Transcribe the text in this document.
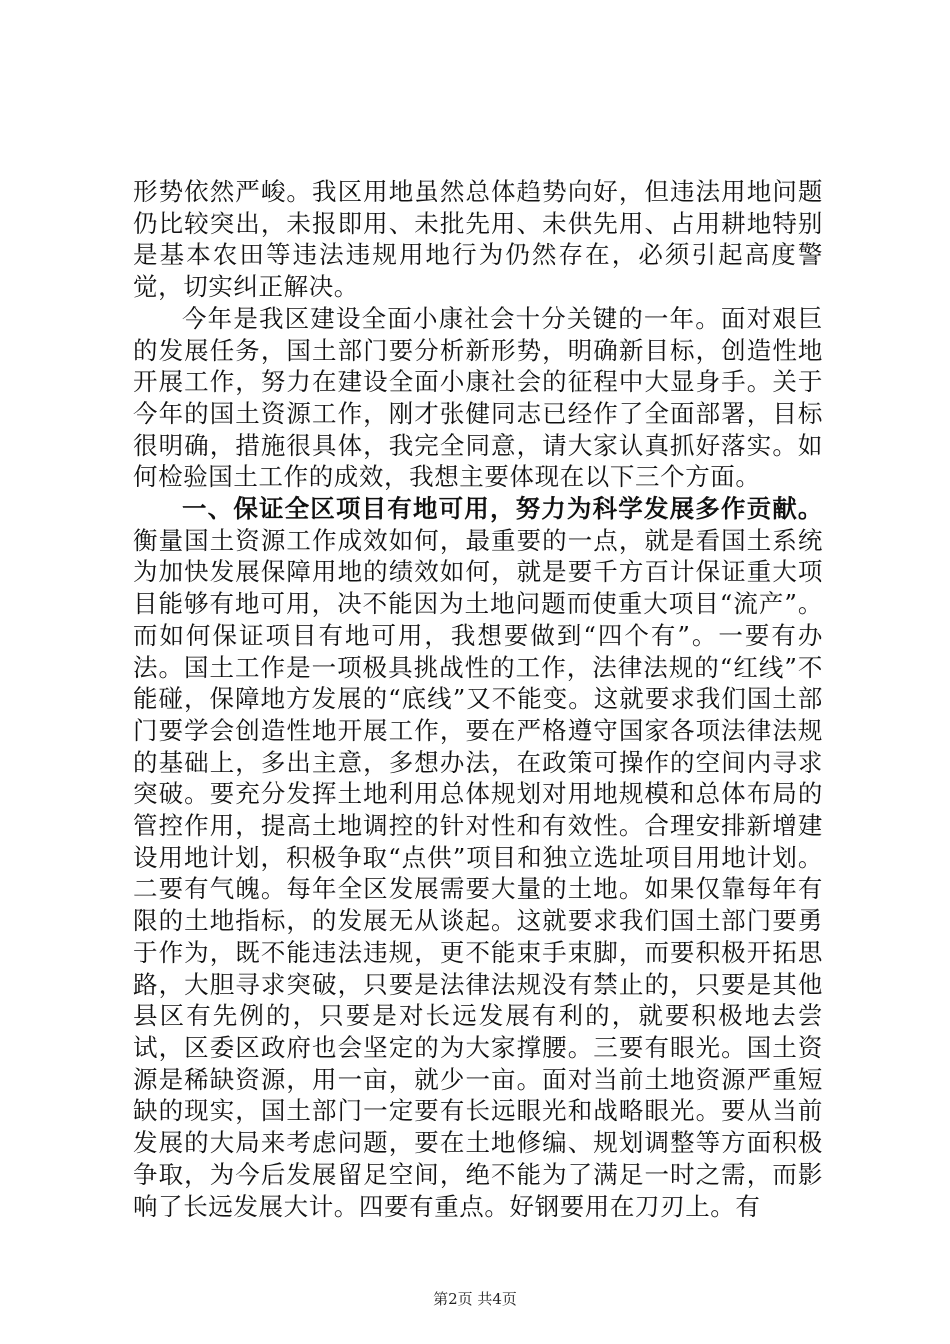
形势依然严峻。我区用地虽然总体趋势向好，但违法用地问题仍比较突出，未报即用、未批先用、未供先用、占用耕地特别是基本农田等违法违规用地行为仍然存在，必须引起高度警觉，切实纠正解决。

今年是我区建设全面小康社会十分关键的一年。面对艰巨的发展任务，国土部门要分析新形势，明确新目标，创造性地开展工作，努力在建设全面小康社会的征程中大显身手。关于今年的国土资源工作，刚才张健同志已经作了全面部署，目标很明确，措施很具体，我完全同意，请大家认真抓好落实。如何检验国土工作的成效，我想主要体现在以下三个方面。

一、保证全区项目有地可用，努力为科学发展多作贡献。衡量国土资源工作成效如何，最重要的一点，就是看国土系统为加快发展保障用地的绩效如何，就是要千方百计保证重大项目能够有地可用，决不能因为土地问题而使重大项目“流产”。而如何保证项目有地可用，我想要做到“四个有”。一要有办法。国土工作是一项极具挑战性的工作，法律法规的“红线”不能碰，保障地方发展的“底线”又不能变。这就要求我们国土部门要学会创造性地开展工作，要在严格遵守国家各项法律法规的基础上，多出主意，多想办法，在政策可操作的空间内寻求突破。要充分发挥土地利用总体规划对用地规模和总体布局的管控作用，提高土地调控的针对性和有效性。合理安排新增建设用地计划，积极争取“点供”项目和独立选址项目用地计划。二要有气魄。每年全区发展需要大量的土地。如果仅靠每年有限的土地指标，的发展无从谈起。这就要求我们国土部门要勇于作为，既不能违法违规，更不能束手束脚，而要积极开拓思路，大胆寻求突破，只要是法律法规没有禁止的，只要是其他县区有先例的，只要是对长远发展有利的，就要积极地去尝试，区委区政府也会坚定的为大家撑腰。三要有眼光。国土资源是稀缺资源，用一亩，就少一亩。面对当前土地资源严重短缺的现实，国土部门一定要有长远眼光和战略眼光。要从当前发展的大局来考虑问题，要在土地修编、规划调整等方面积极争取，为今后发展留足空间，绝不能为了满足一时之需，而影响了长远发展大计。四要有重点。好钢要用在刀刃上。有

第2页 共4页
